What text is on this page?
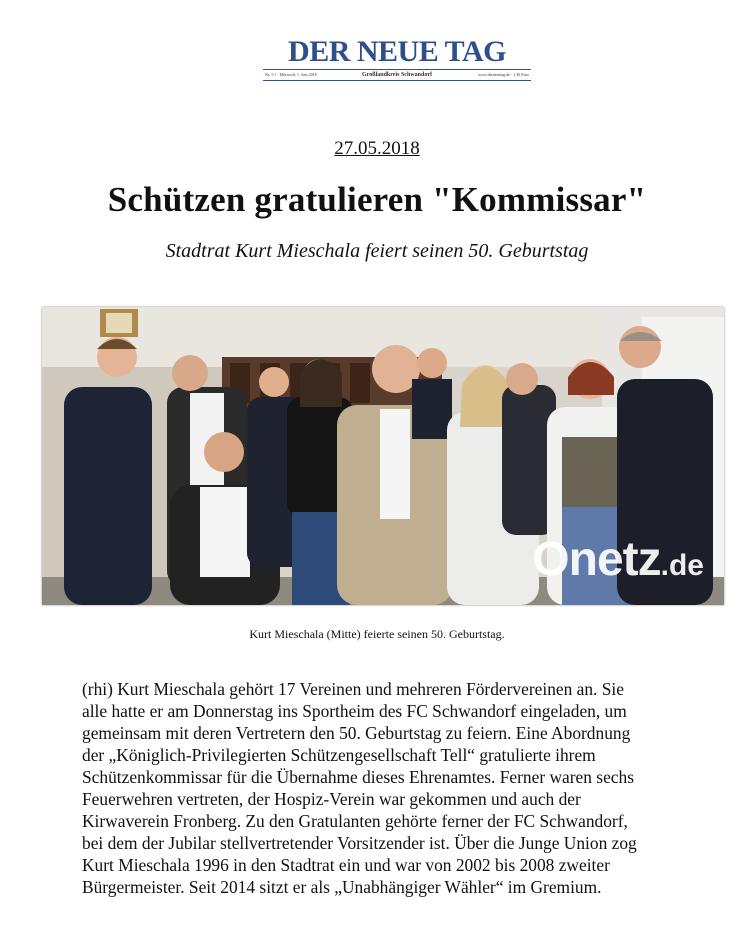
DER NEUE TAG
Nr. 1/1 · Mittwoch, 1. Juni 2018	Großlandkreis Schwandorf	www.derneuetag.de · 1,30 Euro
27.05.2018
Schützen gratulieren "Kommissar"
Stadtrat Kurt Mieschala feiert seinen 50. Geburtstag
Onetz.de
Kurt Mieschala (Mitte) feierte seinen 50. Geburtstag.

(rhi) Kurt Mieschala gehört 17 Vereinen und mehreren Fördervereinen an. Sie
alle hatte er am Donnerstag ins Sportheim des FC Schwandorf eingeladen, um
gemeinsam mit deren Vertretern den 50. Geburtstag zu feiern. Eine Abordnung
der „Königlich-Privilegierten Schützengesellschaft Tell“ gratulierte ihrem
Schützenkommissar für die Übernahme dieses Ehrenamtes. Ferner waren sechs
Feuerwehren vertreten, der Hospiz-Verein war gekommen und auch der
Kirwaverein Fronberg. Zu den Gratulanten gehörte ferner der FC Schwandorf,
bei dem der Jubilar stellvertretender Vorsitzender ist. Über die Junge Union zog
Kurt Mieschala 1996 in den Stadtrat ein und war von 2002 bis 2008 zweiter
Bürgermeister. Seit 2014 sitzt er als „Unabhängiger Wähler“ im Gremium.
